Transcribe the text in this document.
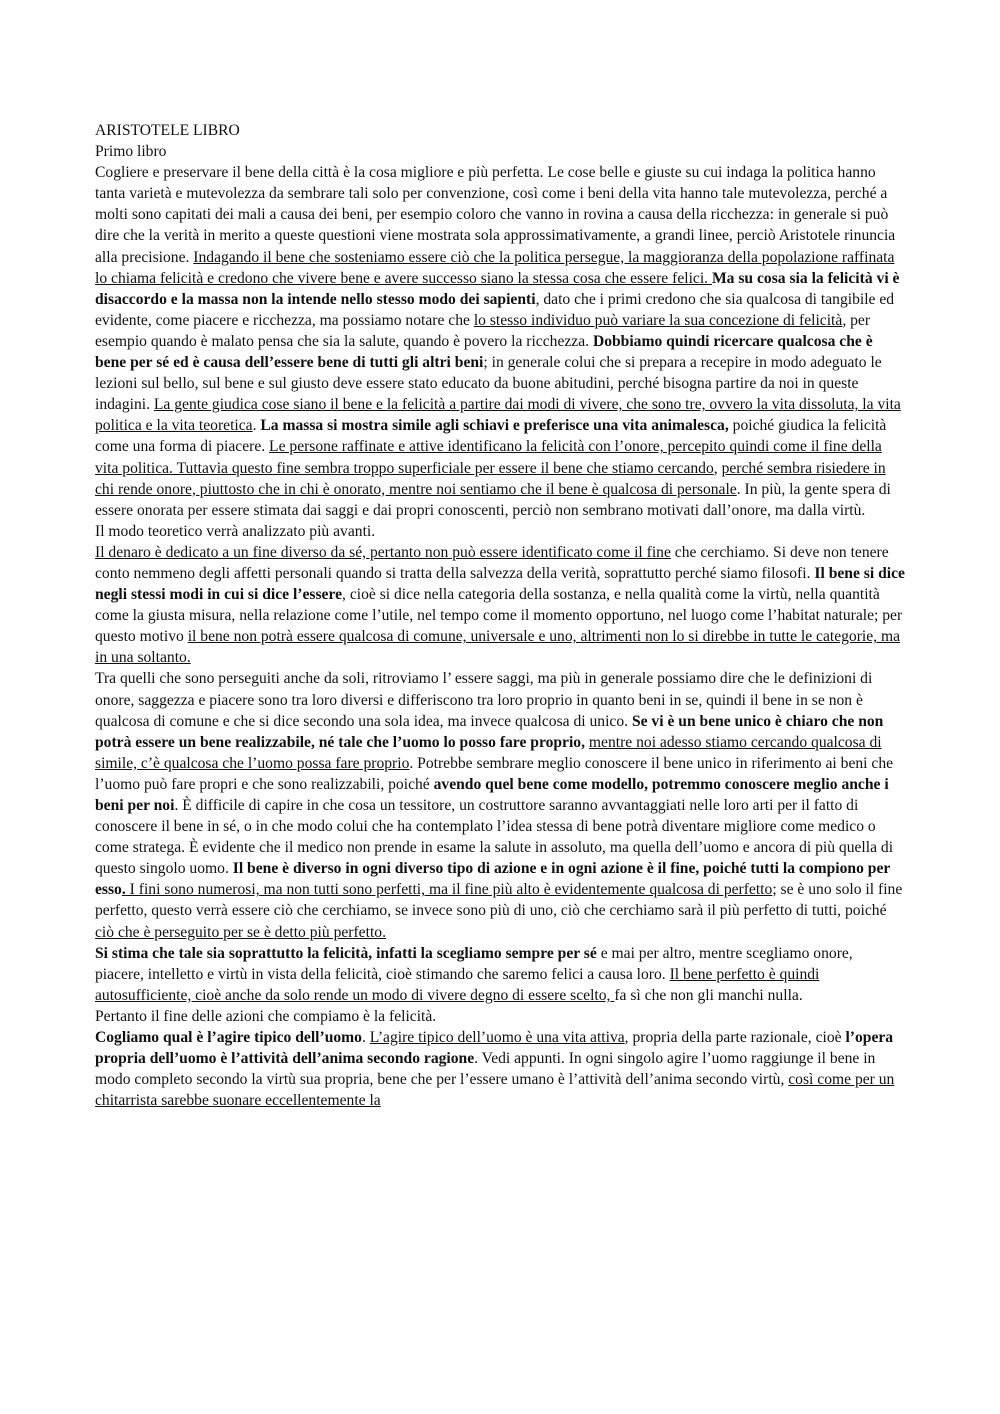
ARISTOTELE LIBRO

Primo libro

Cogliere e preservare il bene della città è la cosa migliore e più perfetta. Le cose belle e giuste su cui indaga la politica hanno tanta varietà e mutevolezza da sembrare tali solo per convenzione, così come i beni della vita hanno tale mutevolezza, perché a molti sono capitati dei mali a causa dei beni, per esempio coloro che vanno in rovina a causa della ricchezza: in generale si può dire che la verità in merito a queste questioni viene mostrata sola approssimativamente, a grandi linee, perciò Aristotele rinuncia alla precisione. Indagando il bene che sosteniamo essere ciò che la politica persegue, la maggioranza della popolazione raffinata lo chiama felicità e credono che vivere bene e avere successo siano la stessa cosa che essere felici. Ma su cosa sia la felicità vi è disaccordo e la massa non la intende nello stesso modo dei sapienti, dato che i primi credono che sia qualcosa di tangibile ed evidente, come piacere e ricchezza, ma possiamo notare che lo stesso individuo può variare la sua concezione di felicità, per esempio quando è malato pensa che sia la salute, quando è povero la ricchezza. Dobbiamo quindi ricercare qualcosa che è bene per sé ed è causa dell’essere bene di tutti gli altri beni; in generale colui che si prepara a recepire in modo adeguato le lezioni sul bello, sul bene e sul giusto deve essere stato educato da buone abitudini, perché bisogna partire da noi in queste indagini. La gente giudica cose siano il bene e la felicità a partire dai modi di vivere, che sono tre, ovvero la vita dissoluta, la vita politica e la vita teoretica. La massa si mostra simile agli schiavi e preferisce una vita animalesca, poiché giudica la felicità come una forma di piacere. Le persone raffinate e attive identificano la felicità con l’onore, percepito quindi come il fine della vita politica. Tuttavia questo fine sembra troppo superficiale per essere il bene che stiamo cercando, perché sembra risiedere in chi rende onore, piuttosto che in chi è onorato, mentre noi sentiamo che il bene è qualcosa di personale. In più, la gente spera di essere onorata per essere stimata dai saggi e dai propri conoscenti, perciò non sembrano motivati dall’onore, ma dalla virtù.

Il modo teoretico verrà analizzato più avanti.

Il denaro è dedicato a un fine diverso da sé, pertanto non può essere identificato come il fine che cerchiamo. Si deve non tenere conto nemmeno degli affetti personali quando si tratta della salvezza della verità, soprattutto perché siamo filosofi. Il bene si dice negli stessi modi in cui si dice l’essere, cioè si dice nella categoria della sostanza, e nella qualità come la virtù, nella quantità come la giusta misura, nella relazione come l’utile, nel tempo come il momento opportuno, nel luogo come l’habitat naturale; per questo motivo il bene non potrà essere qualcosa di comune, universale e uno, altrimenti non lo si direbbe in tutte le categorie, ma in una soltanto.

Tra quelli che sono perseguiti anche da soli, ritroviamo l’ essere saggi, ma più in generale possiamo dire che le definizioni di onore, saggezza e piacere sono tra loro diversi e differiscono tra loro proprio in quanto beni in se, quindi il bene in se non è qualcosa di comune e che si dice secondo una sola idea, ma invece qualcosa di unico. Se vi è un bene unico è chiaro che non potrà essere un bene realizzabile, né tale che l’uomo lo posso fare proprio, mentre noi adesso stiamo cercando qualcosa di simile, c’è qualcosa che l’uomo possa fare proprio. Potrebbe sembrare meglio conoscere il bene unico in riferimento ai beni che l’uomo può fare propri e che sono realizzabili, poiché avendo quel bene come modello, potremmo conoscere meglio anche i beni per noi. È difficile di capire in che cosa un tessitore, un costruttore saranno avvantaggiati nelle loro arti per il fatto di conoscere il bene in sé, o in che modo colui che ha contemplato l’idea stessa di bene potrà diventare migliore come medico o come stratega. È evidente che il medico non prende in esame la salute in assoluto, ma quella dell’uomo e ancora di più quella di questo singolo uomo. Il bene è diverso in ogni diverso tipo di azione e in ogni azione è il fine, poiché tutti la compiono per esso. I fini sono numerosi, ma non tutti sono perfetti, ma il fine più alto è evidentemente qualcosa di perfetto; se è uno solo il fine perfetto, questo verrà essere ciò che cerchiamo, se invece sono più di uno, ciò che cerchiamo sarà il più perfetto di tutti, poiché ciò che è perseguito per se è detto più perfetto.

Si stima che tale sia soprattutto la felicità, infatti la scegliamo sempre per sé e mai per altro, mentre scegliamo onore, piacere, intelletto e virtù in vista della felicità, cioè stimando che saremo felici a causa loro. Il bene perfetto è quindi autosufficiente, cioè anche da solo rende un modo di vivere degno di essere scelto, fa sì che non gli manchi nulla.

Pertanto il fine delle azioni che compiamo è la felicità.

Cogliamo qual è l’agire tipico dell’uomo. L’agire tipico dell’uomo è una vita attiva, propria della parte razionale, cioè l’opera propria dell’uomo è l’attività dell’anima secondo ragione. Vedi appunti. In ogni singolo agire l’uomo raggiunge il bene in modo completo secondo la virtù sua propria, bene che per l’essere umano è l’attività dell’anima secondo virtù, così come per un chitarrista sarebbe suonare eccellentemente la
